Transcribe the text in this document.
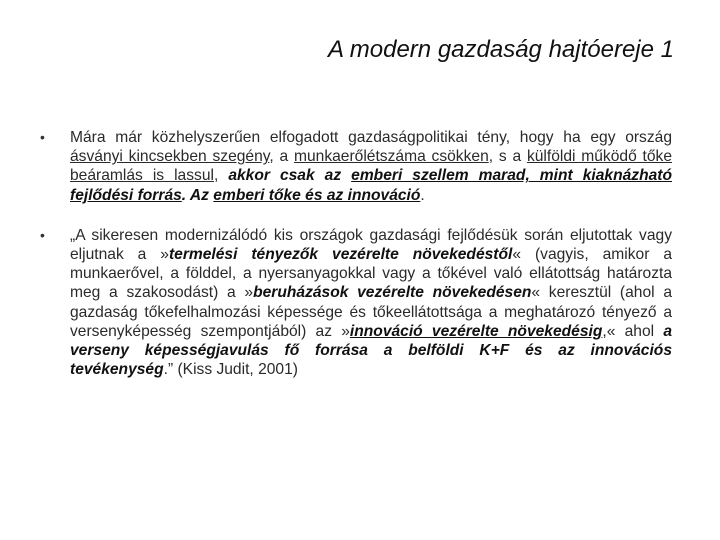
A modern gazdaság hajtóereje 1
• Mára már közhelyszerűen elfogadott gazdaságpolitikai tény, hogy ha egy ország ásványi kincsekben szegény, a munkaerőlétszáma csökken, s a külföldi működő tőke beáramlás is lassul, akkor csak az emberi szellem marad, mint kiaknázható fejlődési forrás. Az emberi tőke és az innováció.
• „A sikeresen modernizálódó kis országok gazdasági fejlődésük során eljutottak vagy eljutnak a »termelési tényezők vezérelte növekedéstől« (vagyis, amikor a munkaerővel, a földdel, a nyersanyagokkal vagy a tőkével való ellátottság határozta meg a szakosodást) a »beruházások vezérelte növekedésen« keresztül (ahol a gazdaság tőkefelhalmozási képessége és tőkeellátottsága a meghatározó tényező a versenyképesség szempontjából) az »innováció vezérelte növekedésig,« ahol a verseny képességjavulás fő forrása a belföldi K+F és az innovációs tevékenység.” (Kiss Judit, 2001)
